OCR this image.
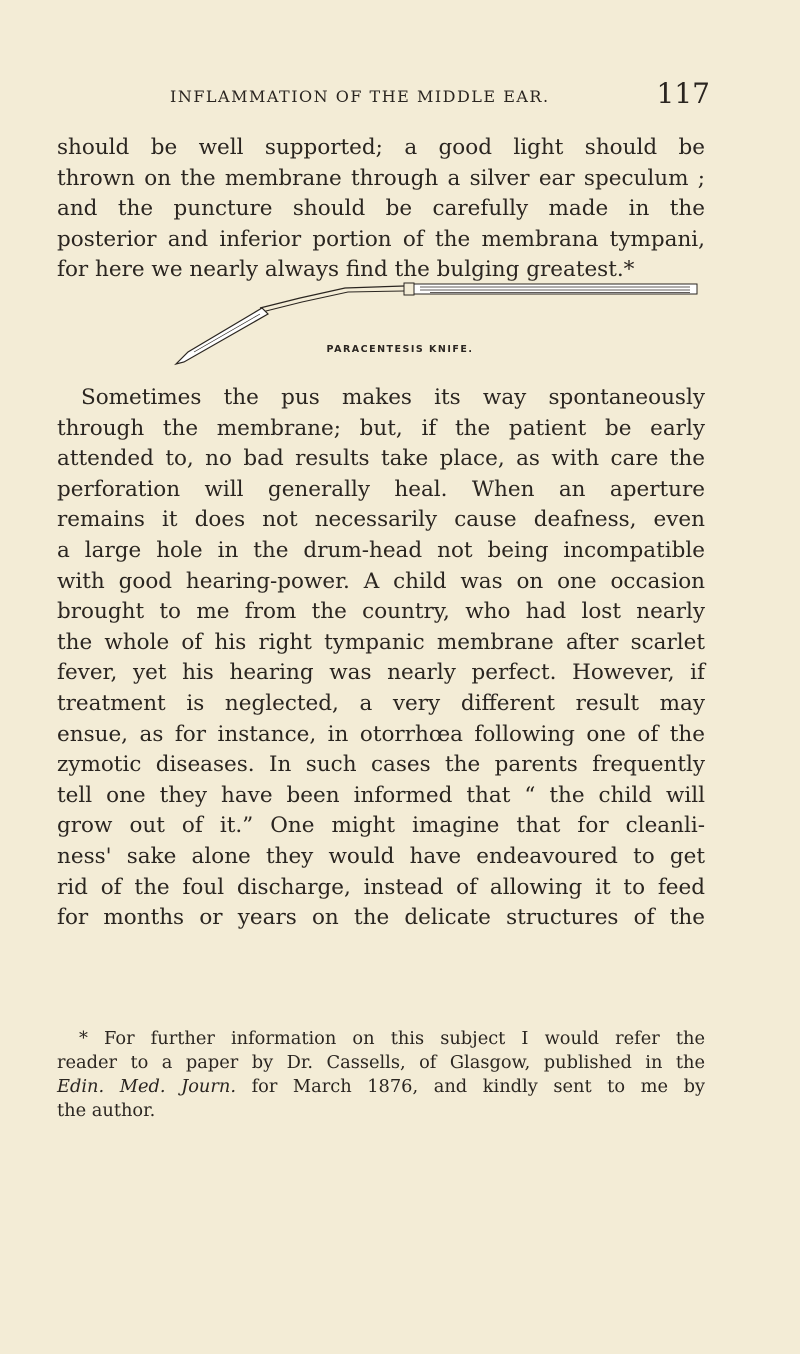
INFLAMMATION OF THE MIDDLE EAR.	117
should be well supported; a good light should be
thrown on the membrane through a silver ear speculum ;
and the puncture should be carefully made in the
posterior and inferior portion of the membrana tympani,
for here we nearly always find the bulging greatest.*
PARACENTESIS KNIFE.
Sometimes the pus makes its way spontaneously
through the membrane; but, if the patient be early
attended to, no bad results take place, as with care the
perforation will generally heal. When an aperture
remains it does not necessarily cause deafness, even
a large hole in the drum-head not being incompatible
with good hearing-power. A child was on one occasion
brought to me from the country, who had lost nearly
the whole of his right tympanic membrane after scarlet
fever, yet his hearing was nearly perfect. However, if
treatment is neglected, a very different result may
ensue, as for instance, in otorrhœa following one of the
zymotic diseases. In such cases the parents frequently
tell one they have been informed that “ the child will
grow out of it.” One might imagine that for cleanli-
ness' sake alone they would have endeavoured to get
rid of the foul discharge, instead of allowing it to feed
for months or years on the delicate structures of the
* For further information on this subject I would refer the
reader to a paper by Dr. Cassells, of Glasgow, published in the
Edin. Med. Journ. for March 1876, and kindly sent to me by
the author.
